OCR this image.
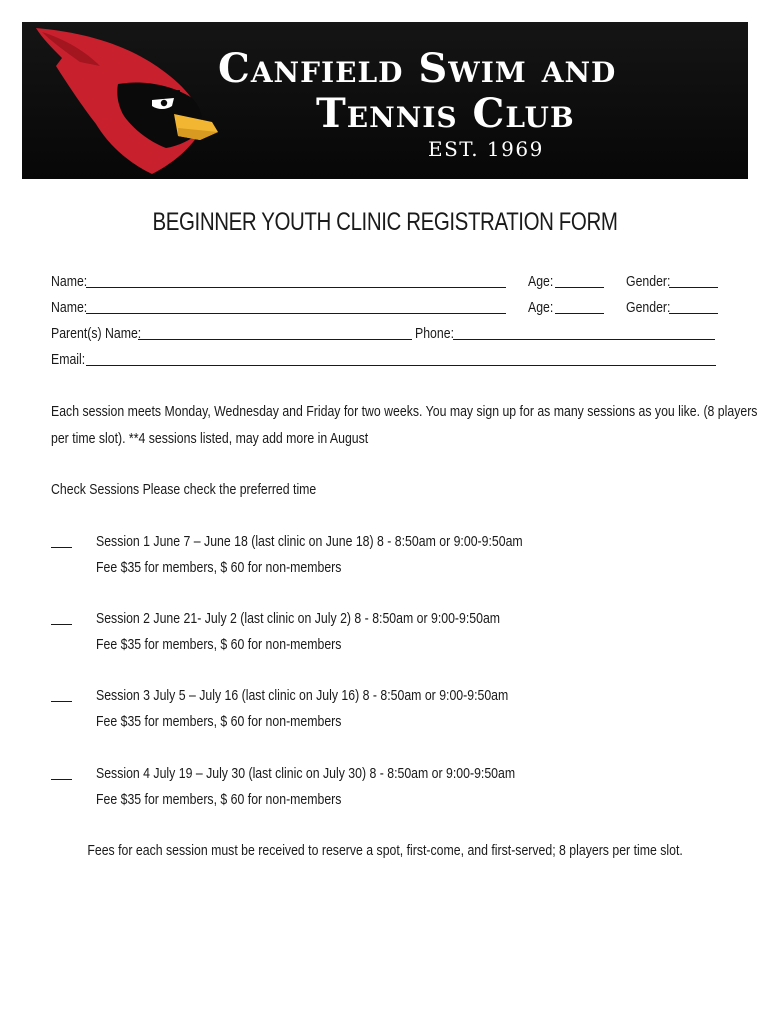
Canfield Swim and
Tennis Club
EST. 1969
BEGINNER YOUTH CLINIC REGISTRATION FORM
Name:	Age:	Gender:
Name:	Age:	Gender:
Parent(s) Name:	Phone:
Email:
Each session meets Monday, Wednesday and Friday for two weeks. You may sign up for as many sessions as you like. (8 players
per time slot). **4 sessions listed, may add more in August
Check Sessions Please check the preferred time
Session 1 June 7 – June 18 (last clinic on June 18) 8 - 8:50am or 9:00-9:50am
Fee $35 for members, $ 60 for non-members
Session 2 June 21- July 2 (last clinic on July 2) 8 - 8:50am or 9:00-9:50am
Fee $35 for members, $ 60 for non-members
Session 3 July 5 – July 16 (last clinic on July 16) 8 - 8:50am or 9:00-9:50am
Fee $35 for members, $ 60 for non-members
Session 4 July 19 – July 30 (last clinic on July 30) 8 - 8:50am or 9:00-9:50am
Fee $35 for members, $ 60 for non-members
Fees for each session must be received to reserve a spot, first-come, and first-served; 8 players per time slot.
